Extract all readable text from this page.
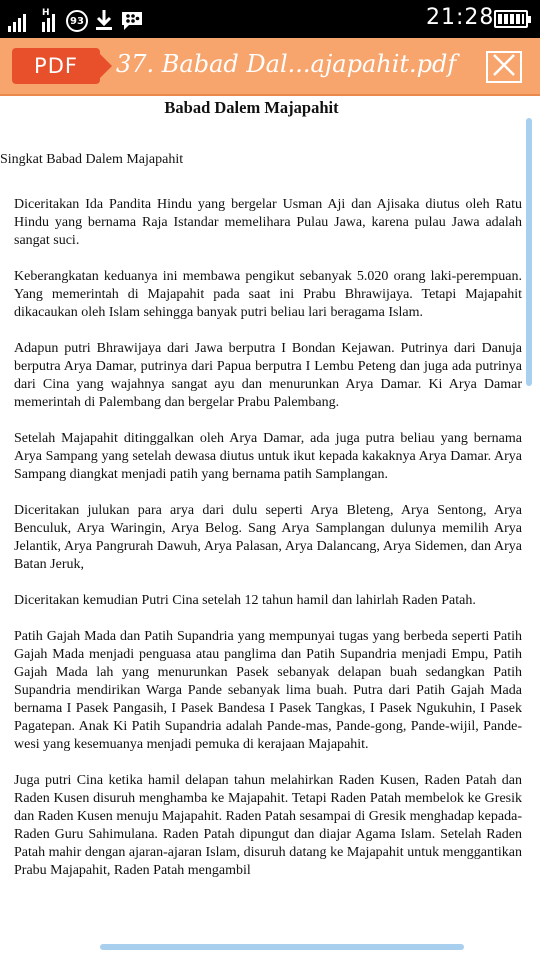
H
93	21:28
PDF	37. Babad Dal...ajapahit.pdf
Babad Dalem Majapahit
Singkat Babad Dalem Majapahit

Diceritakan Ida Pandita Hindu yang bergelar Usman Aji dan Ajisaka diutus oleh Ratu Hindu yang bernama Raja Istandar memelihara Pulau Jawa, karena pulau Jawa adalah sangat suci.

Keberangkatan keduanya ini membawa pengikut sebanyak 5.020 orang laki-perempuan. Yang memerintah di Majapahit pada saat ini Prabu Bhrawijaya. Tetapi Majapahit dikacaukan oleh Islam sehingga banyak putri beliau lari beragama Islam.

Adapun putri Bhrawijaya dari Jawa berputra I Bondan Kejawan. Putrinya dari Danuja berputra Arya Damar, putrinya dari Papua berputra I Lembu Peteng dan juga ada putrinya dari Cina yang wajahnya sangat ayu dan menurunkan Arya Damar. Ki Arya Damar memerintah di Palembang dan bergelar Prabu Palembang.

Setelah Majapahit ditinggalkan oleh Arya Damar, ada juga putra beliau yang bernama Arya Sampang yang setelah dewasa diutus untuk ikut kepada kakaknya Arya Damar. Arya Sampang diangkat menjadi patih yang bernama patih Samplangan.

Diceritakan julukan para arya dari dulu seperti Arya Bleteng, Arya Sentong, Arya Benculuk, Arya Waringin, Arya Belog. Sang Arya Samplangan dulunya memilih Arya Jelantik, Arya Pangrurah Dawuh, Arya Palasan, Arya Dalancang, Arya Sidemen, dan Arya Batan Jeruk,

Diceritakan kemudian Putri Cina setelah 12 tahun hamil dan lahirlah Raden Patah.

Patih Gajah Mada dan Patih Supandria yang mempunyai tugas yang berbeda seperti Patih Gajah Mada menjadi penguasa atau panglima dan Patih Supandria menjadi Empu, Patih Gajah Mada lah yang menurunkan Pasek sebanyak delapan buah sedangkan Patih Supandria mendirikan Warga Pande sebanyak lima buah. Putra dari Patih Gajah Mada bernama I Pasek Pangasih, I Pasek Bandesa I Pasek Tangkas, I Pasek Ngukuhin, I Pasek Pagatepan. Anak Ki Patih Supandria adalah Pande-mas, Pande-gong, Pande-wijil, Pande-wesi yang kesemuanya menjadi pemuka di kerajaan Majapahit.

Juga putri Cina ketika hamil delapan tahun melahirkan Raden Kusen, Raden Patah dan Raden Kusen disuruh menghamba ke Majapahit. Tetapi Raden Patah membelok ke Gresik dan Raden Kusen menuju Majapahit. Raden Patah sesampai di Gresik menghadap kepada-Raden Guru Sahimulana. Raden Patah dipungut dan diajar Agama Islam. Setelah Raden Patah mahir dengan ajaran-ajaran Islam, disuruh datang ke Majapahit untuk menggantikan Prabu Majapahit, Raden Patah mengambil
